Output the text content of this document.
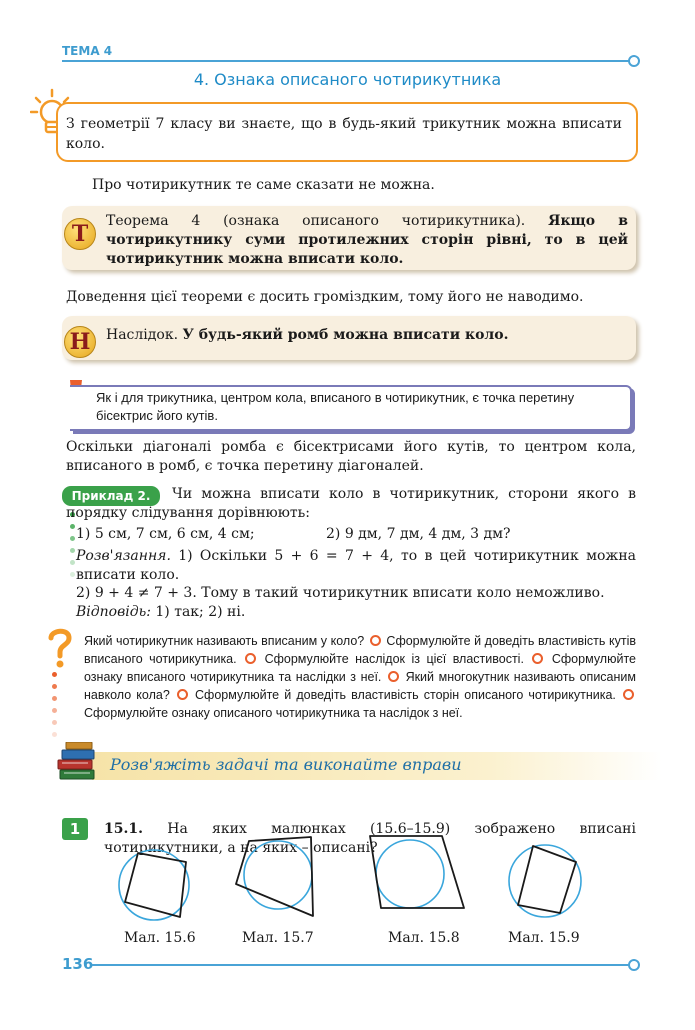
ТЕМА 4
4. Ознака описаного чотирикутника
З геометрії 7 класу ви знаєте, що в будь-який трикутник можна вписати коло.
Про чотирикутник те саме сказати не можна.
Т	Теорема 4 (ознака описаного чотирикутника). Якщо в чотирикутнику суми протилежних сторін рівні, то в цей чотирикутник можна вписати коло.
Доведення цієї теореми є досить громіздким, тому його не наводимо.
Н	Наслідок. У будь-який ромб можна вписати коло.
Як і для трикутника, центром кола, вписаного в чотирикутник, є точка перетину бісектрис його кутів.
Оскільки діагоналі ромба є бісектрисами його кутів, то центром кола, вписаного в ромб, є точка перетину діагоналей.
Приклад 2.	Чи можна вписати коло в чотирикутник, сторони якого в порядку слідування дорівнюють:
1) 5 см, 7 см, 6 см, 4 см;	2) 9 дм, 7 дм, 4 дм, 3 дм?
Розв'язання. 1) Оскільки 5 + 6 = 7 + 4, то в цей чотирикутник можна вписати коло.
2) 9 + 4 ≠ 7 + 3. Тому в такий чотирикутник вписати коло неможливо.
Відповідь: 1) так; 2) ні.
Який чотирикутник називають вписаним у коло? Сформулюйте й доведіть властивість кутів вписаного чотирикутника. Сформулюйте наслідок із цієї властивості. Сформулюйте ознаку вписаного чотирикутника та наслідки з неї. Який многокутник називають описаним навколо кола? Сформулюйте й доведіть властивість сторін описаного чотирикутника.  Сформулюйте ознаку описаного чотирикутника та наслідок з неї.
Розв'яжіть задачі та виконайте вправи
1	15.1. На яких малюнках (15.6–15.9) зображено вписані чотирикутники, а на яких – описані?
Мал. 15.6	Мал. 15.7	Мал. 15.8	Мал. 15.9
136
